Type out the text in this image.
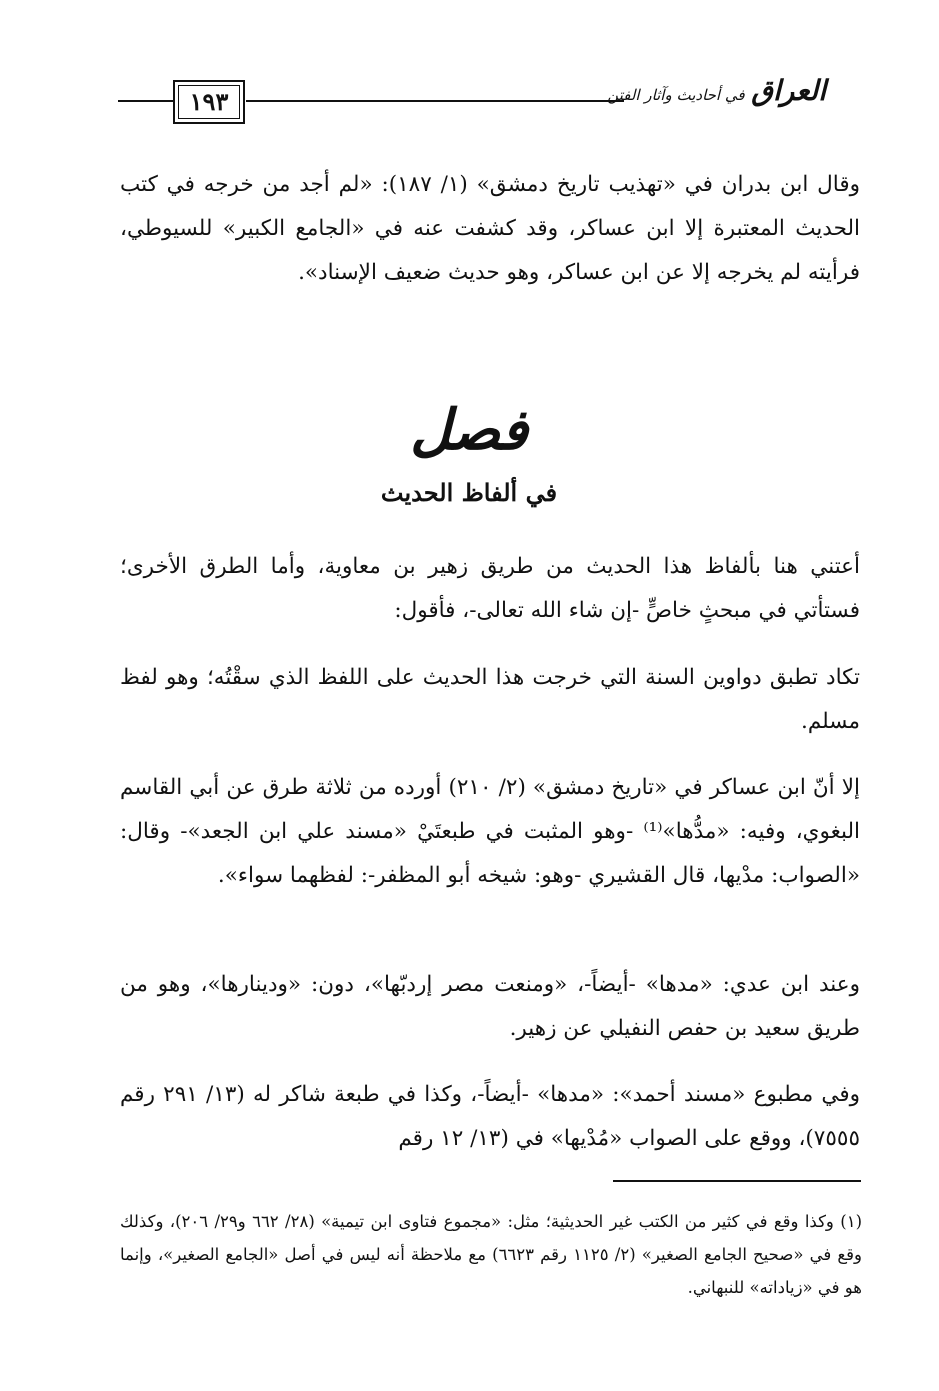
١٩٣	العراق في أحاديث وآثار الفتن
وقال ابن بدران في «تهذيب تاريخ دمشق» (١/ ١٨٧): «لم أجد من خرجه في كتب الحديث المعتبرة إلا ابن عساكر، وقد كشفت عنه في «الجامع الكبير» للسيوطي، فرأيته لم يخرجه إلا عن ابن عساكر، وهو حديث ضعيف الإسناد».
فصل
في ألفاظ الحديث
أعتني هنا بألفاظ هذا الحديث من طريق زهير بن معاوية، وأما الطرق الأخرى؛ فستأتي في مبحثٍ خاصٍّ -إن شاء الله تعالى-، فأقول:
تكاد تطبق دواوين السنة التي خرجت هذا الحديث على اللفظ الذي سقْتُه؛ وهو لفظ مسلم.
إلا أنّ ابن عساكر في «تاريخ دمشق» (٢/ ٢١٠) أورده من ثلاثة طرق عن أبي القاسم البغوي، وفيه: «مدُّها»⁽¹⁾ -وهو المثبت في طبعتَيْ «مسند علي ابن الجعد»- وقال: «الصواب: مدْيها، قال القشيري -وهو: شيخه أبو المظفر-: لفظهما سواء».
وعند ابن عدي: «مدها» -أيضاً-، «ومنعت مصر إردبّها»، دون: «ودينارها»، وهو من طريق سعيد بن حفص النفيلي عن زهير.
وفي مطبوع «مسند أحمد»: «مدها» -أيضاً-، وكذا في طبعة شاكر له (١٣/ ٢٩١ رقم ٧٥٥٥)، ووقع على الصواب «مُدْيها» في (١٣/ ١٢ رقم
(١) وكذا وقع في كثير من الكتب غير الحديثية؛ مثل: «مجموع فتاوى ابن تيمية» (٢٨/ ٦٦٢ و٢٩/ ٢٠٦)، وكذلك وقع في «صحيح الجامع الصغير» (٢/ ١١٢٥ رقم ٦٦٢٣) مع ملاحظة أنه ليس في أصل «الجامع الصغير»، وإنما هو في «زياداته» للنبهاني.
